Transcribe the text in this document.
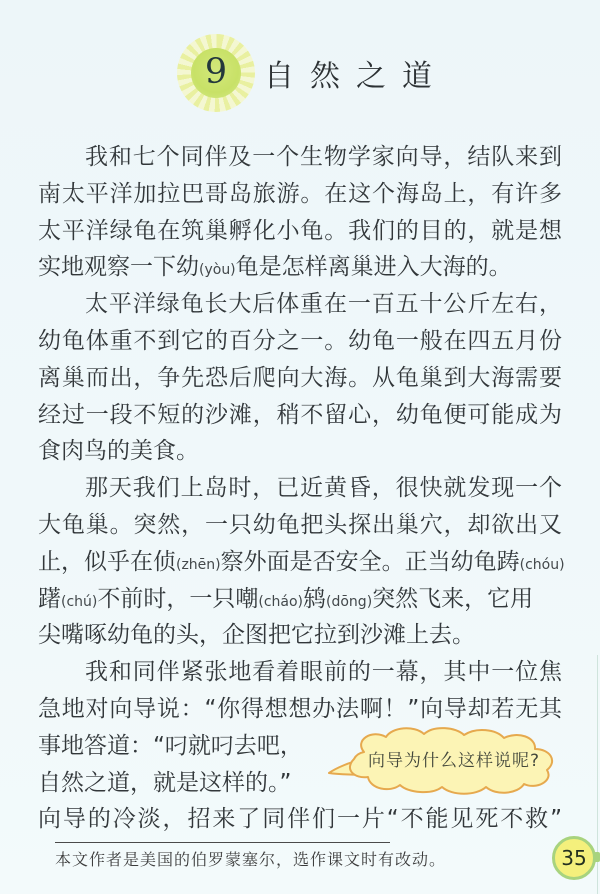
9 自然之道
我和七个同伴及一个生物学家向导，结队来到
南太平洋加拉巴哥岛旅游。在这个海岛上，有许多
太平洋绿龟在筑巢孵化小龟。我们的目的，就是想
实地观察一下幼(yòu)龟是怎样离巢进入大海的。
太平洋绿龟长大后体重在一百五十公斤左右，
幼龟体重不到它的百分之一。幼龟一般在四五月份
离巢而出，争先恐后爬向大海。从龟巢到大海需要
经过一段不短的沙滩，稍不留心，幼龟便可能成为
食肉鸟的美食。
那天我们上岛时，已近黄昏，很快就发现一个
大龟巢。突然，一只幼龟把头探出巢穴，却欲出又
止，似乎在侦(zhēn)察外面是否安全。正当幼龟踌(chóu)
躇(chú)不前时，一只嘲(cháo)鸫(dōng)突然飞来，它用
尖嘴啄幼龟的头，企图把它拉到沙滩上去。
我和同伴紧张地看着眼前的一幕，其中一位焦
急地对向导说：“你得想想办法啊！”向导却若无其
事地答道：“叼就叼去吧，
自然之道，就是这样的。”
向导的冷淡，招来了同伴们一片“不能见死不救”
向导为什么这样说呢?
本文作者是美国的伯罗蒙塞尔，选作课文时有改动。	35
